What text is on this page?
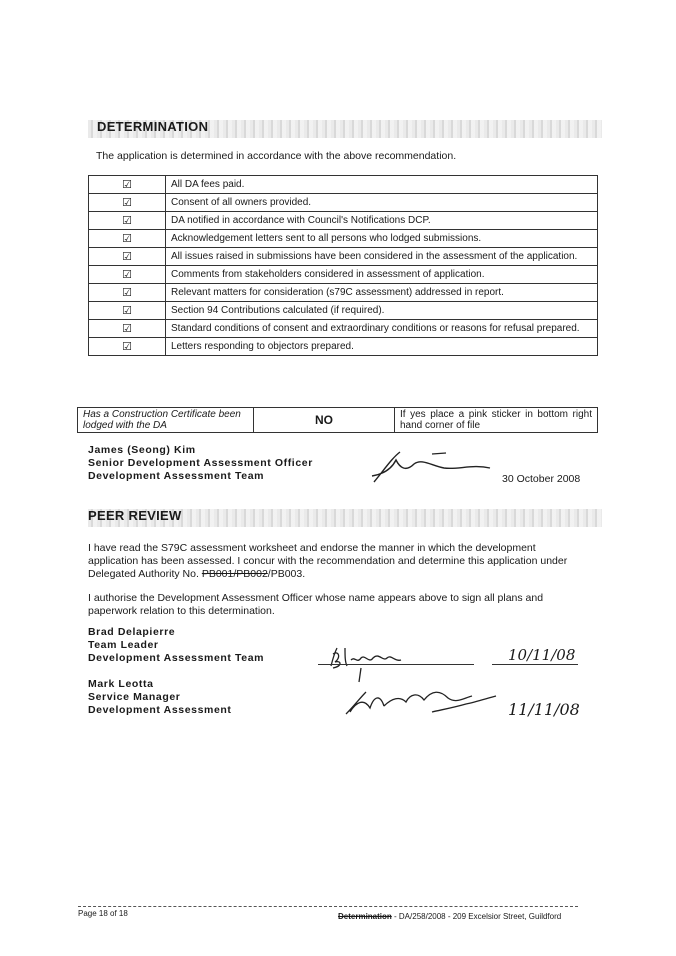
DETERMINATION
The application is determined in accordance with the above recommendation.
☑	All DA fees paid.
☑	Consent of all owners provided.
☑	DA notified in accordance with Council's Notifications DCP.
☑	Acknowledgement letters sent to all persons who lodged submissions.
☑	All issues raised in submissions have been considered in the assessment of the application.
☑	Comments from stakeholders considered in assessment of application.
☑	Relevant matters for consideration (s79C assessment) addressed in report.
☑	Section 94 Contributions calculated (if required).
☑	Standard conditions of consent and extraordinary conditions or reasons for refusal prepared.
☑	Letters responding to objectors prepared.
Has a Construction Certificate been lodged with the DA	NO	If yes place a pink sticker in bottom right hand corner of file
James (Seong) Kim
Senior Development Assessment Officer
Development Assessment Team	30 October 2008
PEER REVIEW
I have read the S79C assessment worksheet and endorse the manner in which the development application has been assessed. I concur with the recommendation and determine this application under Delegated Authority No. PB001/PB002/PB003.
I authorise the Development Assessment Officer whose name appears above to sign all plans and paperwork relation to this determination.
Brad Delapierre
Team Leader
Development Assessment Team	10/11/08
Mark Leotta
Service Manager
Development Assessment	11/11/08
Page 18 of 18	Determination - DA/258/2008 - 209 Excelsior Street, Guildford
